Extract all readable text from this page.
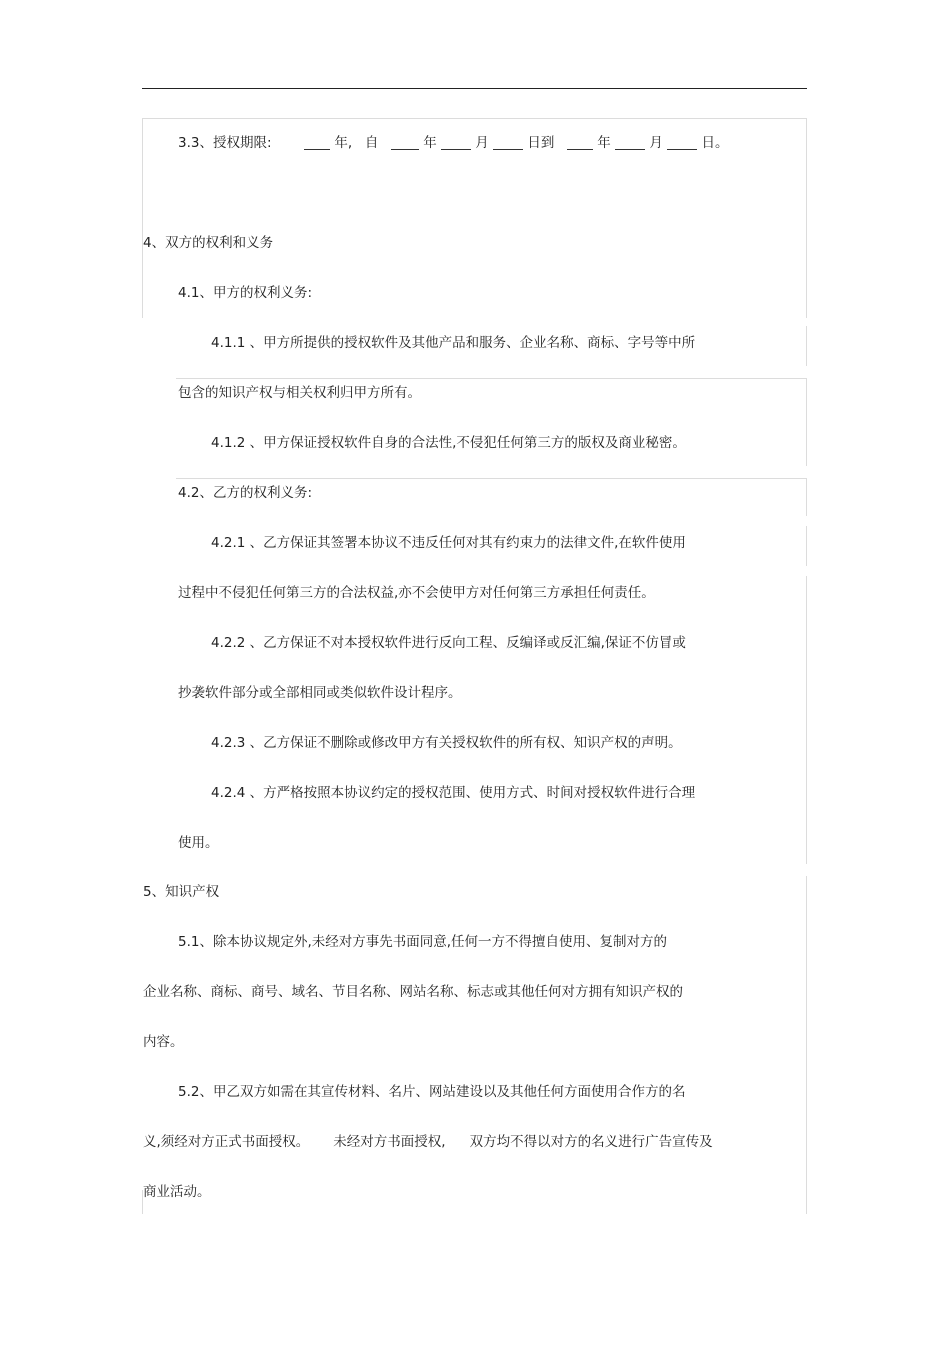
3.3、授权期限:	年, 自	年	月	日到	年	月	日。
4、双方的权利和义务
4.1、甲方的权利义务:
4.1.1 、甲方所提供的授权软件及其他产品和服务、企业名称、商标、字号等中所
包含的知识产权与相关权利归甲方所有。
4.1.2 、甲方保证授权软件自身的合法性,不侵犯任何第三方的版权及商业秘密。
4.2、乙方的权利义务:
4.2.1 、乙方保证其签署本协议不违反任何对其有约束力的法律文件,在软件使用
过程中不侵犯任何第三方的合法权益,亦不会使甲方对任何第三方承担任何责任。
4.2.2 、乙方保证不对本授权软件进行反向工程、反编译或反汇编,保证不仿冒或
抄袭软件部分或全部相同或类似软件设计程序。
4.2.3 、乙方保证不删除或修改甲方有关授权软件的所有权、知识产权的声明。
4.2.4 、方严格按照本协议约定的授权范围、使用方式、时间对授权软件进行合理
使用。
5、知识产权
5.1、除本协议规定外,未经对方事先书面同意,任何一方不得擅自使用、复制对方的
企业名称、商标、商号、域名、节目名称、网站名称、标志或其他任何对方拥有知识产权的
内容。
5.2、甲乙双方如需在其宣传材料、名片、网站建设以及其他任何方面使用合作方的名
义,须经对方正式书面授权。 未经对方书面授权, 双方均不得以对方的名义进行广告宣传及
商业活动。
